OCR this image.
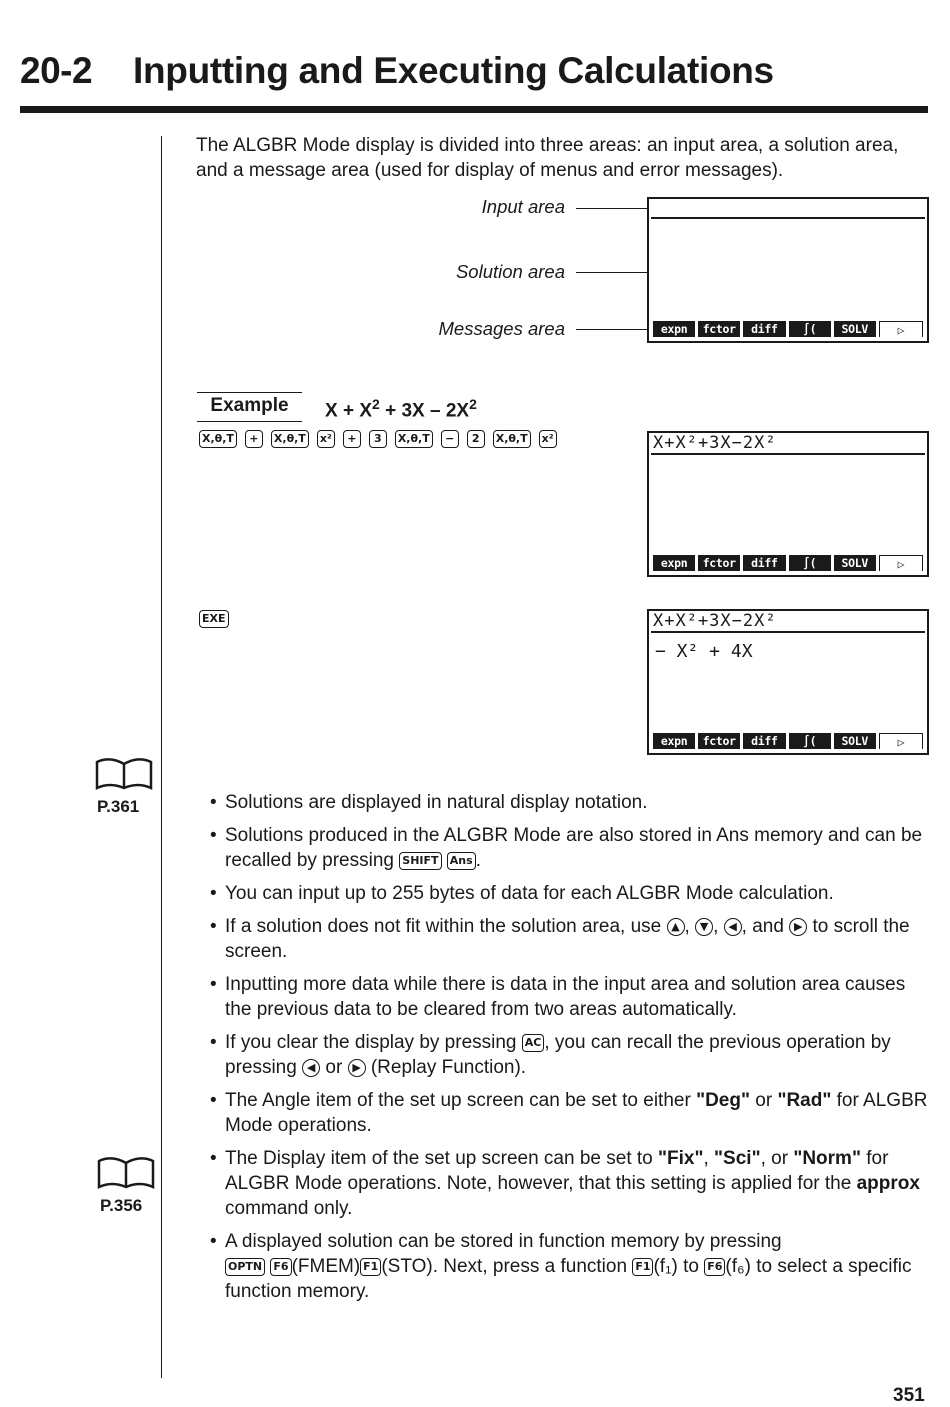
20-2 Inputting and Executing Calculations
The ALGBR Mode display is divided into three areas: an input area, a solution area, and a message area (used for display of menus and error messages).
Input area
Solution area
Messages area	expn	fctor	diff	∫(	SOLV	▷
Example	$X + X^2 + 3X - 2X^2$
X,θ,T	+	X,θ,T x²	+	3	X,θ,T	−	2	X,θ,T x²	X+X²+3X−2X²
expn	fctor	diff	∫(	SOLV	▷
EXE	X+X²+3X−2X²
− X² + 4X
expn	fctor	diff	∫(	SOLV	▷
P.361
P.356
• Solutions are displayed in natural display notation.
• Solutions produced in the ALGBR Mode are also stored in Ans memory and can be recalled by pressing SHIFT Ans .
• You can input up to 255 bytes of data for each ALGBR Mode calculation.
• If a solution does not fit within the solution area, use ▲ , ▼ , ◀ , and ▶ to scroll the screen.
• Inputting more data while there is data in the input area and solution area causes the previous data to be cleared from two areas automatically.
• If you clear the display by pressing AC , you can recall the previous operation by pressing ◀ or ▶ (Replay Function).
• The Angle item of the set up screen can be set to either "Deg" or "Rad" for ALGBR Mode operations.
• The Display item of the set up screen can be set to "Fix", "Sci", or "Norm" for ALGBR Mode operations. Note, however, that this setting is applied for the approx command only.
• A displayed solution can be stored in function memory by pressing
OPTN F6 (FMEM) F1 (STO). Next, press a function F1 (f₁) to F6 (f₆) to select a specific function memory.
351
